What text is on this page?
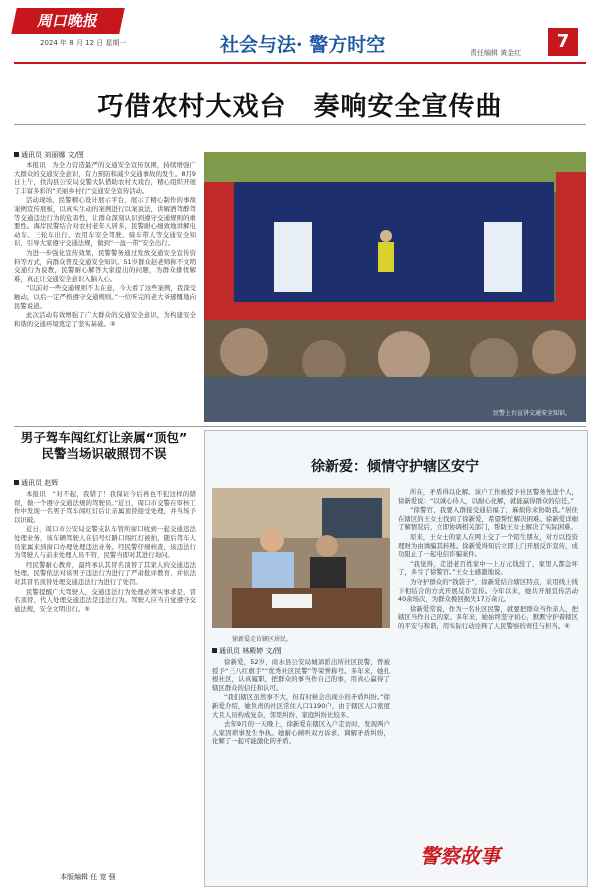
周口晚报
2024 年 8 月 12 日 星期一	社会与法· 警方时空	责任编辑 黄金红
7
巧借农村大戏台　奏响安全宣传曲
通讯员 刘丽娜 文/图

本报讯　为全力营造最严的交通安全宣传氛围，持续增强广大群众的交通安全意识，有力预防和减少交通事故的发生。8月9日上午，扶沟县公安局交警大队借助农村大戏台，精心组织开展了丰富多彩的“美丽乡村行”交通安全宣传活动。

活动现场，民警精心设计展示平台，展示了精心制作的事故案例宣传展板，以真实生动的案例进行以案说法，讲解酒驾醉驾等交通违法行为的危害性，让群众深刻认识到遵守交通规则的重要性。海岸民警结合对农村老年人居多，民警耐心细致地讲解电动车、三轮车出行、农用车安全驾驶、骑车带人等交通安全知识，引导大家遵守交通法规，做到“一盔一带”安全出行。

为进一步强化宣传效果，民警警务通过发放交通安全宣传资料等方式，向群众普及交通安全知识。51岁群众赵老师称不文明交通行为说教，民警耐心解答大家提出的问题，为群众排忧解难，真正让交通安全意识入脑入心。

“以前对一些交通规则不太在意，今天看了这些案例，我深受触动。以后一定严格遵守交通规则。”一位听完的老大爷感慨地向民警说道。

此次活动有效增强了广大群众的交通安全意识，为构建安全和谐的交通环境奠定了坚实基础。⑤

民警上台宣讲交通安全知识。
男子驾车闯红灯让亲属“顶包”
民警当场识破照罚不误
通讯员 赵辉

本报讯　“对不起，我错了！我保证今后再也不犯这样的错误，做一个遵守交通法规的驾驶员。”近日，周口市交警在审核工作中发现一名男子驾车闯红灯后让亲属顶替接受处理，并当场予以识破。

近日，周口市公安局交警支队车管所窗口收到一起交通违法处理业务，该车辆驾驶人在信号灯路口闯红灯被拍，随后驾车人员家属来到窗口办理处理违法业务。经民警仔细核查，该违法行为驾驶人与前来处理人员不符，民警当即对其进行询问。

经民警耐心教育，最终承认其冒名顶替了其家人的交通违法处理。民警依法对该男子违法行为进行了严肃批评教育，并依法对其冒名顶替处理交通违法行为进行了处罚。

民警提醒广大驾驶人，交通违法行为处理必须实事求是，冒名顶替、代人处理交通违法是违法行为。驾驶人应当自觉遵守交通法规，安全文明出行。⑤

本版编辑 任 宽 强
徐新爱：倾情守护辖区安宁
徐新爱走访辖区居民。
通讯员 林殿婷 文/图

徐新爱，52岁，商水县公安局城郊派出所社区民警，曾被授予“三八红旗手”“优秀社区民警”等荣誉称号。多年来，她扎根社区，认真履职，把群众的事当作自己的事，用真心赢得了辖区群众的信任和认可。

“我们辖区虽然事不大，但有时候会出现小的矛盾纠纷。”徐新爱介绍，她负责的社区常住人口1190户，由于辖区人口密度大且人员构成复杂，邻里纠纷、家庭纠纷比较多。

去年9月的一天晚上，徐新爱在辖区入户走访时，发现两户人家因琐事发生争执。她耐心倾听双方诉求，调解矛盾纠纷，化解了一起可能激化的矛盾。

所在，矛盾得以化解。该户工作被授予社区警务先进个人，徐新爱说：“以诚心待人，以耐心化解，就能赢得群众的信任。”

“徐警官，我要入群接受通信福了，麻烦你来协助我。”居住在辖区的王女士找到了徐新爱，希望帮忙解决困难。徐新爱详细了解情况后，立即协调相关部门，帮助王女士解决了实际困难。

原来，王女士的家人在网上交了一个陌生朋友，对方以投资理财为由诱骗其转账。徐新爱得知后立即上门开展反诈宣传，成功阻止了一起电信诈骗案件。

“我觉得，走进老百姓家中一上万元钱没了，家里人都急坏了，多亏了徐警官。”王女士感激地说。

为守护群众的“钱袋子”，徐新爱结合辖区特点，采用线上线下相结合的方式开展反诈宣传。今年以来，她共开展宣传活动40余场次，为群众挽回损失17万余元。

徐新爱常说，作为一名社区民警，就要把群众当作亲人，把辖区当作自己的家。多年来，她始终坚守初心，默默守护着辖区的平安与和谐，用实际行动诠释了人民警察的责任与担当。⑤

警察故事
